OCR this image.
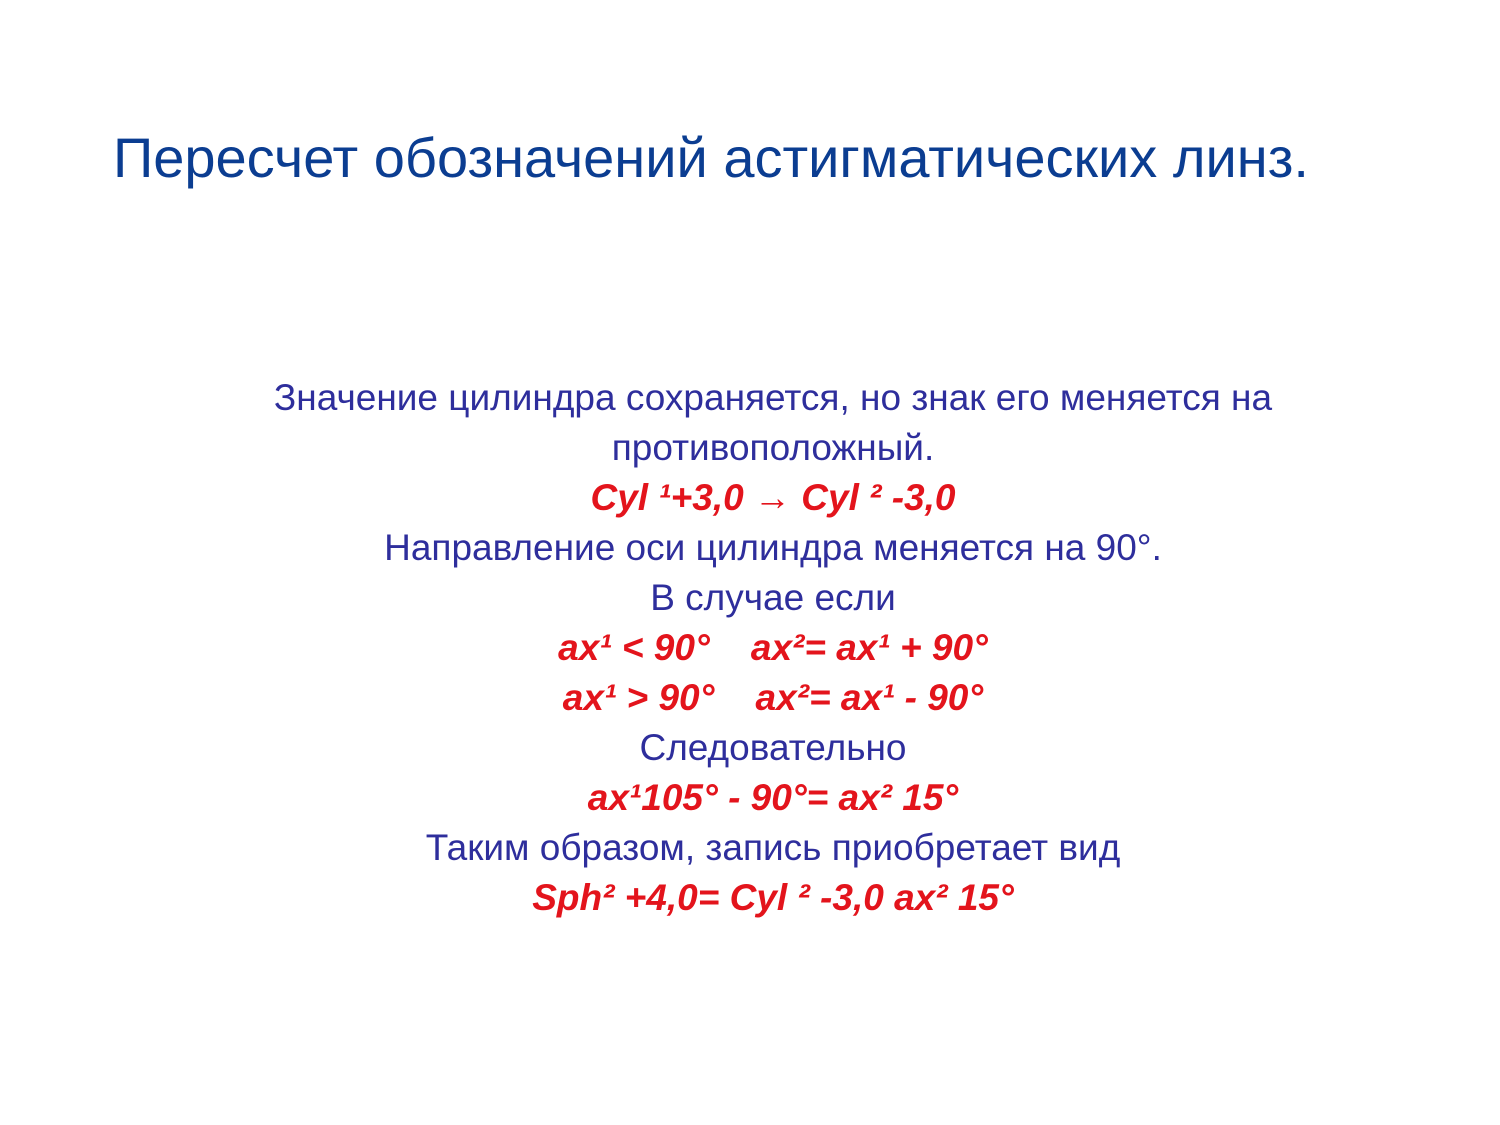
Пересчет обозначений астигматических линз.
Значение цилиндра сохраняется, но знак его меняется на
противоположный.
Cyl ¹+3,0 → Cyl ² -3,0
Направление оси цилиндра меняется на 90°.
В случае если
ax¹ < 90°    ax²= ax¹ + 90°
ax¹ > 90°    ax²= ax¹ - 90°
Следовательно
ax¹105° - 90°= ax² 15°
Таким образом, запись приобретает вид
Sph² +4,0= Cyl ² -3,0 ax² 15°
